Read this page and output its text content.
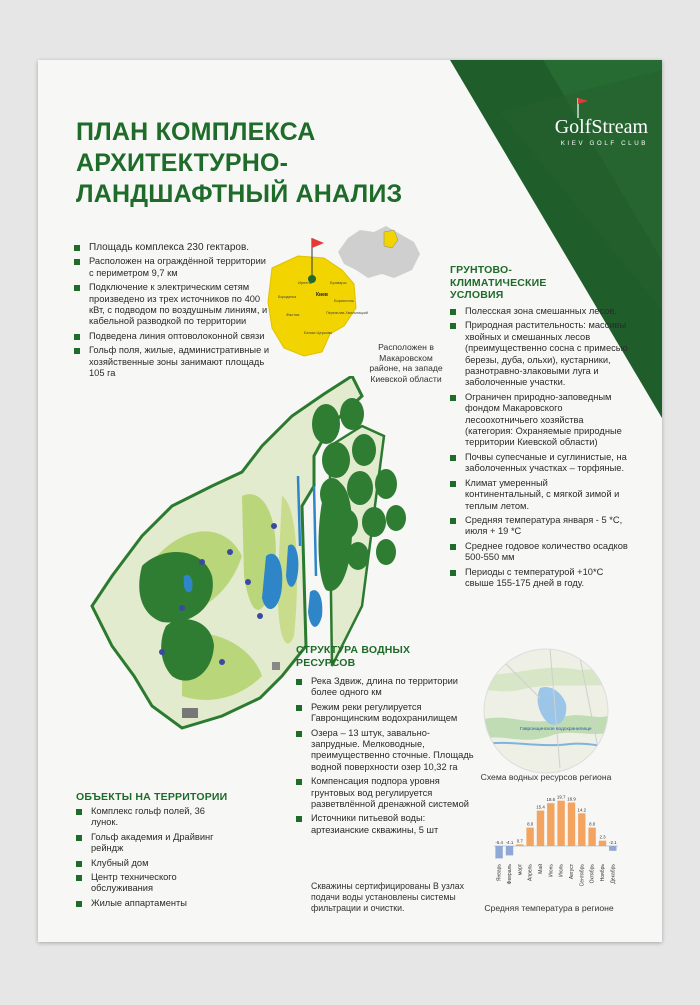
GolfStream
KIEV GOLF CLUB
ПЛАН КОМПЛЕКСА
АРХИТЕКТУРНО-
ЛАНДШАФТНЫЙ АНАЛИЗ
Площадь комплекса 230 гектаров.
Расположен на ограждённой территории с периметром 9,7 км
Подключение к электрическим сетям произведено из трех источников по 400 кВт, с подводом по воздушным линиям, и кабельной разводкой по территории
Подведена линия оптоволоконной связи
Гольф поля, жилые, административные и хозяйственные зоны занимают площадь 105 га
Киев
Бровары
Ирпень
Борисполь
Фастов
Белая Церковь
Переяслав-Хмельницкий
Бородянка
Расположен в Макаровском районе, на западе Киевской области
ГРУНТОВО-КЛИМАТИЧЕСКИЕ УСЛОВИЯ
Полесская зона смешанных лесов.
Природная растительность: массивы хвойных и смешанных лесов (преимущественно сосна с примесью березы, дуба, ольхи), кустарники, разнотравно-злаковыми луга и заболоченные участки.
Ограничен природно-заповедным фондом Макаровского лесоохотничьего хозяйства (категория: Охраняемые природные территории Киевской области)
Почвы супесчаные и суглинистые, на заболоченных участках – торфяные.
Климат умеренный континентальный, с мягкой зимой и теплым летом.
Средняя температура января - 5 *С, июля + 19 *С
Среднее годовое количество осадков 500-550 мм
Периоды с температурой +10*С свыше 155-175 дней в году.
СТРУКТУРА ВОДНЫХ РЕСУРСОВ
Река Здвиж, длина по территории более одного км
Режим реки регулируется Гавронщинским водохранилищем
Озера – 13 штук, завально-запрудные. Мелководные, преимущественно сточные. Площадь водной поверхности озер 10,32 га
Компенсация подпора уровня грунтовых вод регулируется разветвлённой дренажной системой
Источники питьевой воды: артезианские скважины, 5 шт
Скважины сертифицированы В узлах подачи воды установлены системы фильтрации и очистки.
Гавронщинское водохранилище
Схема водных ресурсов региона
-5.4
Январь
-4.1
Февраль
0.7
март
8.0
Апрель
15.4
Май
18.6
Июнь
19.7
Июль
18.9
Август
14.2
Сентябрь
8.0
Октябрь
2.3
Ноябрь
-2.1
Декабрь
Средняя температура в регионе
ОБЪЕКТЫ НА ТЕРРИТОРИИ
Комплекс гольф полей, 36 лунок.
Гольф академия и Драйвинг рейндж
Клубный дом
Центр технического обслуживания
Жилые аппартаменты
